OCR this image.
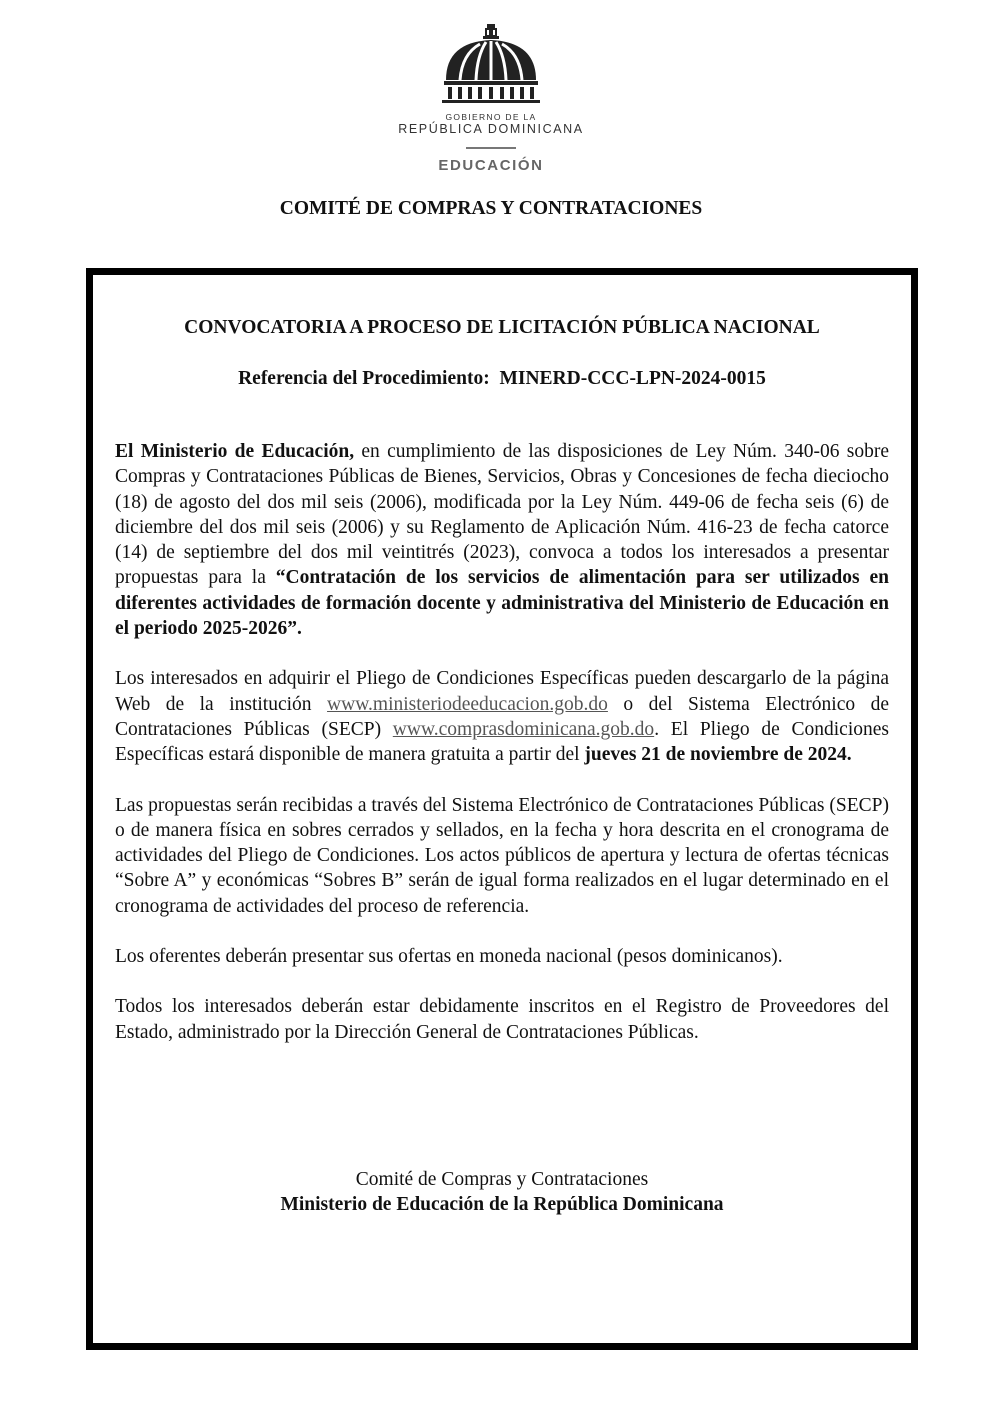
GOBIERNO DE LA
REPÚBLICA DOMINICANA
EDUCACIÓN
COMITÉ DE COMPRAS Y CONTRATACIONES
CONVOCATORIA A PROCESO DE LICITACIÓN PÚBLICA NACIONAL
Referencia del Procedimiento: MINERD-CCC-LPN-2024-0015

El Ministerio de Educación, en cumplimiento de las disposiciones de Ley Núm. 340-06 sobre Compras y Contrataciones Públicas de Bienes, Servicios, Obras y Concesiones de fecha dieciocho (18) de agosto del dos mil seis (2006), modificada por la Ley Núm. 449-06 de fecha seis (6) de diciembre del dos mil seis (2006) y su Reglamento de Aplicación Núm. 416-23 de fecha catorce (14) de septiembre del dos mil veintitrés (2023), convoca a todos los interesados a presentar propuestas para la “Contratación de los servicios de alimentación para ser utilizados en diferentes actividades de formación docente y administrativa del Ministerio de Educación en el periodo 2025-2026”.

Los interesados en adquirir el Pliego de Condiciones Específicas pueden descargarlo de la página Web de la institución www.ministeriodeeducacion.gob.do o del Sistema Electrónico de Contrataciones Públicas (SECP) www.comprasdominicana.gob.do. El Pliego de Condiciones Específicas estará disponible de manera gratuita a partir del jueves 21 de noviembre de 2024.

Las propuestas serán recibidas a través del Sistema Electrónico de Contrataciones Públicas (SECP) o de manera física en sobres cerrados y sellados, en la fecha y hora descrita en el cronograma de actividades del Pliego de Condiciones. Los actos públicos de apertura y lectura de ofertas técnicas “Sobre A” y económicas “Sobres B” serán de igual forma realizados en el lugar determinado en el cronograma de actividades del proceso de referencia.

Los oferentes deberán presentar sus ofertas en moneda nacional (pesos dominicanos).

Todos los interesados deberán estar debidamente inscritos en el Registro de Proveedores del Estado, administrado por la Dirección General de Contrataciones Públicas.

Comité de Compras y Contrataciones
Ministerio de Educación de la República Dominicana
